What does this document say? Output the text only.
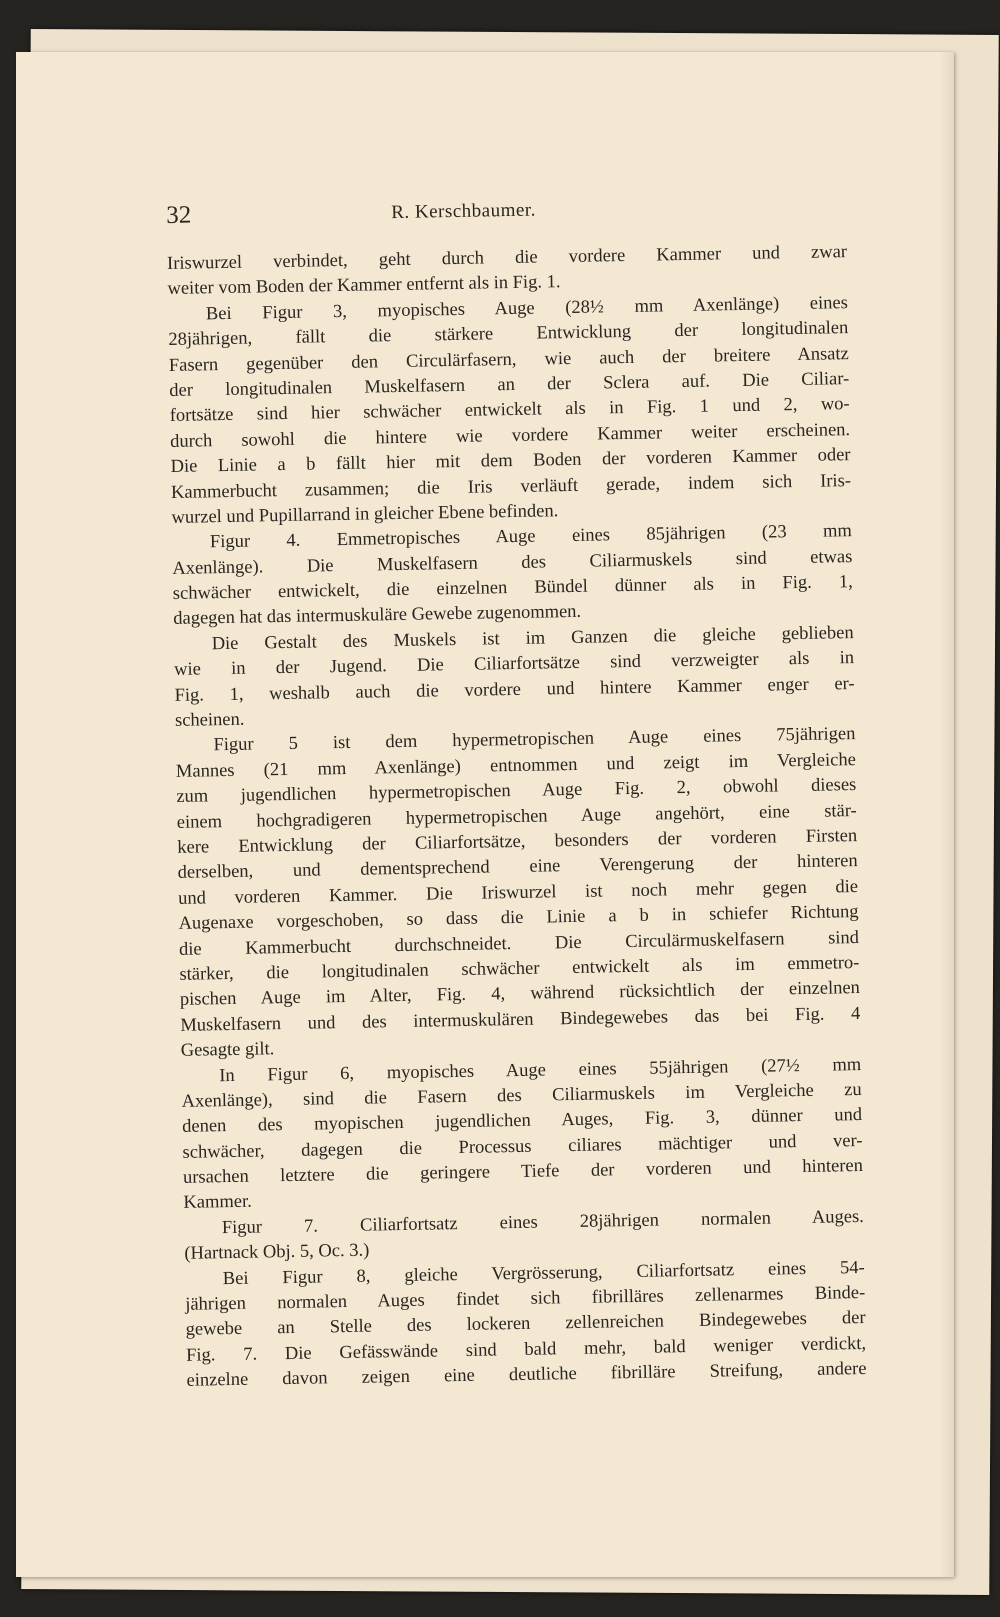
32	R. Kerschbaumer.
Iriswurzel verbindet, geht durch die vordere Kammer und zwar
weiter vom Boden der Kammer entfernt als in Fig. 1.
Bei Figur 3, myopisches Auge (28½ mm Axenlänge) eines
28jährigen, fällt die stärkere Entwicklung der longitudinalen
Fasern gegenüber den Circulärfasern, wie auch der breitere Ansatz
der longitudinalen Muskelfasern an der Sclera auf. Die Ciliar-
fortsätze sind hier schwächer entwickelt als in Fig. 1 und 2, wo-
durch sowohl die hintere wie vordere Kammer weiter erscheinen.
Die Linie a b fällt hier mit dem Boden der vorderen Kammer oder
Kammerbucht zusammen; die Iris verläuft gerade, indem sich Iris-
wurzel und Pupillarrand in gleicher Ebene befinden.
Figur 4. Emmetropisches Auge eines 85jährigen (23 mm
Axenlänge). Die Muskelfasern des Ciliarmuskels sind etwas
schwächer entwickelt, die einzelnen Bündel dünner als in Fig. 1,
dagegen hat das intermuskuläre Gewebe zugenommen.
Die Gestalt des Muskels ist im Ganzen die gleiche geblieben
wie in der Jugend. Die Ciliarfortsätze sind verzweigter als in
Fig. 1, weshalb auch die vordere und hintere Kammer enger er-
scheinen.
Figur 5 ist dem hypermetropischen Auge eines 75jährigen
Mannes (21 mm Axenlänge) entnommen und zeigt im Vergleiche
zum jugendlichen hypermetropischen Auge Fig. 2, obwohl dieses
einem hochgradigeren hypermetropischen Auge angehört, eine stär-
kere Entwicklung der Ciliarfortsätze, besonders der vorderen Firsten
derselben, und dementsprechend eine Verengerung der hinteren
und vorderen Kammer. Die Iriswurzel ist noch mehr gegen die
Augenaxe vorgeschoben, so dass die Linie a b in schiefer Richtung
die Kammerbucht durchschneidet. Die Circulärmuskelfasern sind
stärker, die longitudinalen schwächer entwickelt als im emmetro-
pischen Auge im Alter, Fig. 4, während rücksichtlich der einzelnen
Muskelfasern und des intermuskulären Bindegewebes das bei Fig. 4
Gesagte gilt.
In Figur 6, myopisches Auge eines 55jährigen (27½ mm
Axenlänge), sind die Fasern des Ciliarmuskels im Vergleiche zu
denen des myopischen jugendlichen Auges, Fig. 3, dünner und
schwächer, dagegen die Processus ciliares mächtiger und ver-
ursachen letztere die geringere Tiefe der vorderen und hinteren
Kammer.
Figur 7. Ciliarfortsatz eines 28jährigen normalen Auges.
(Hartnack Obj. 5, Oc. 3.)
Bei Figur 8, gleiche Vergrösserung, Ciliarfortsatz eines 54-
jährigen normalen Auges findet sich fibrilläres zellenarmes Binde-
gewebe an Stelle des lockeren zellenreichen Bindegewebes der
Fig. 7. Die Gefässwände sind bald mehr, bald weniger verdickt,
einzelne davon zeigen eine deutliche fibrilläre Streifung, andere
